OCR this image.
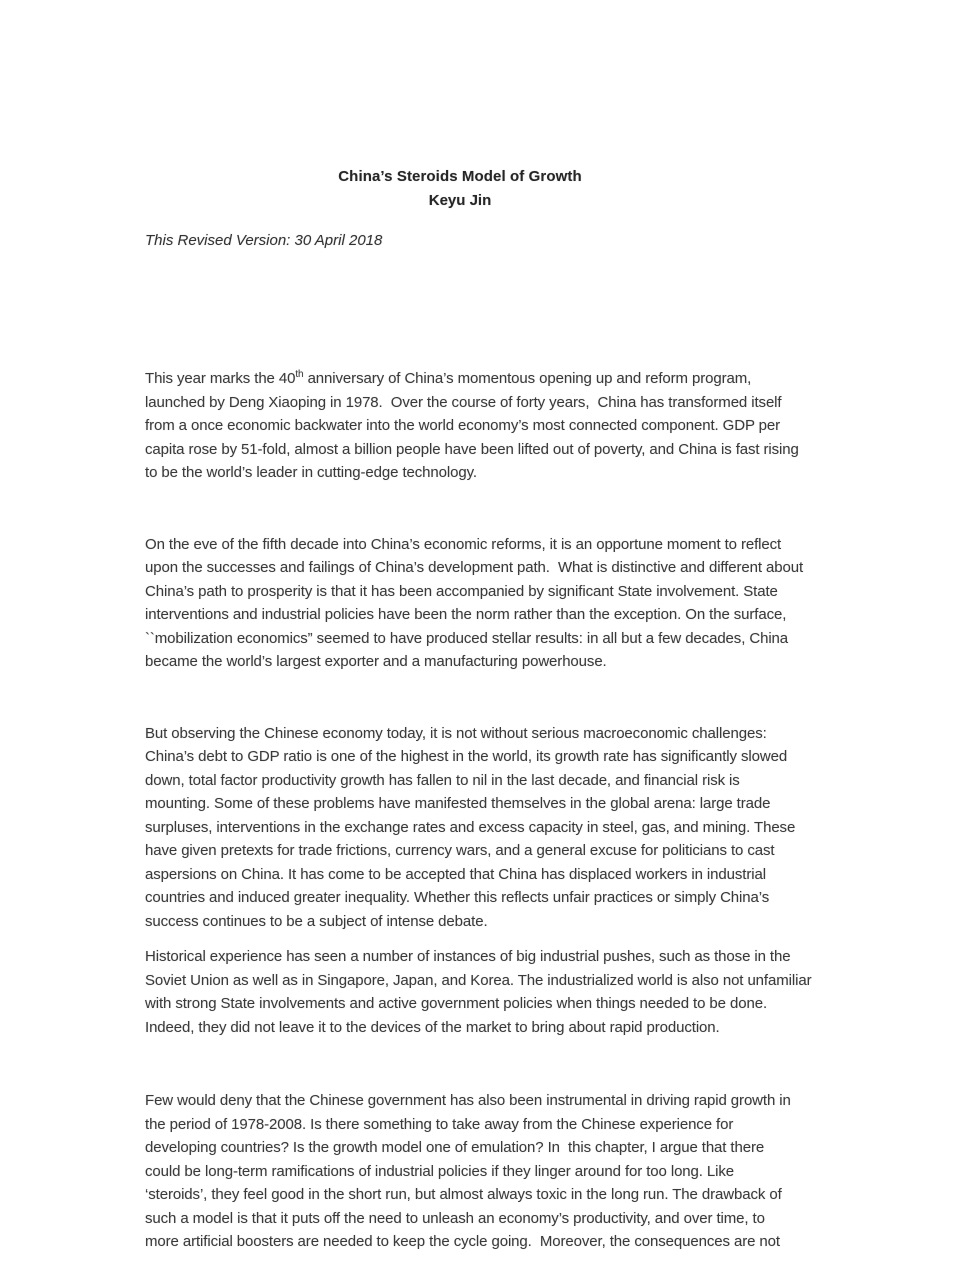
China’s Steroids Model of Growth
Keyu Jin
This Revised Version: 30 April 2018

This year marks the 40th anniversary of China’s momentous opening up and reform program,
launched by Deng Xiaoping in 1978.  Over the course of forty years,  China has transformed itself
from a once economic backwater into the world economy’s most connected component. GDP per
capita rose by 51-fold, almost a billion people have been lifted out of poverty, and China is fast rising
to be the world’s leader in cutting-edge technology.

On the eve of the fifth decade into China’s economic reforms, it is an opportune moment to reflect
upon the successes and failings of China’s development path.  What is distinctive and different about
China’s path to prosperity is that it has been accompanied by significant State involvement. State
interventions and industrial policies have been the norm rather than the exception. On the surface,
``mobilization economics” seemed to have produced stellar results: in all but a few decades, China
became the world’s largest exporter and a manufacturing powerhouse.

But observing the Chinese economy today, it is not without serious macroeconomic challenges:
China’s debt to GDP ratio is one of the highest in the world, its growth rate has significantly slowed
down, total factor productivity growth has fallen to nil in the last decade, and financial risk is
mounting. Some of these problems have manifested themselves in the global arena: large trade
surpluses, interventions in the exchange rates and excess capacity in steel, gas, and mining. These
have given pretexts for trade frictions, currency wars, and a general excuse for politicians to cast
aspersions on China. It has come to be accepted that China has displaced workers in industrial
countries and induced greater inequality. Whether this reflects unfair practices or simply China’s
success continues to be a subject of intense debate.

Historical experience has seen a number of instances of big industrial pushes, such as those in the
Soviet Union as well as in Singapore, Japan, and Korea. The industrialized world is also not unfamiliar
with strong State involvements and active government policies when things needed to be done.
Indeed, they did not leave it to the devices of the market to bring about rapid production.

Few would deny that the Chinese government has also been instrumental in driving rapid growth in
the period of 1978-2008. Is there something to take away from the Chinese experience for
developing countries? Is the growth model one of emulation? In  this chapter, I argue that there
could be long-term ramifications of industrial policies if they linger around for too long. Like
‘steroids’, they feel good in the short run, but almost always toxic in the long run. The drawback of
such a model is that it puts off the need to unleash an economy’s productivity, and over time, to
more artificial boosters are needed to keep the cycle going.  Moreover, the consequences are not
